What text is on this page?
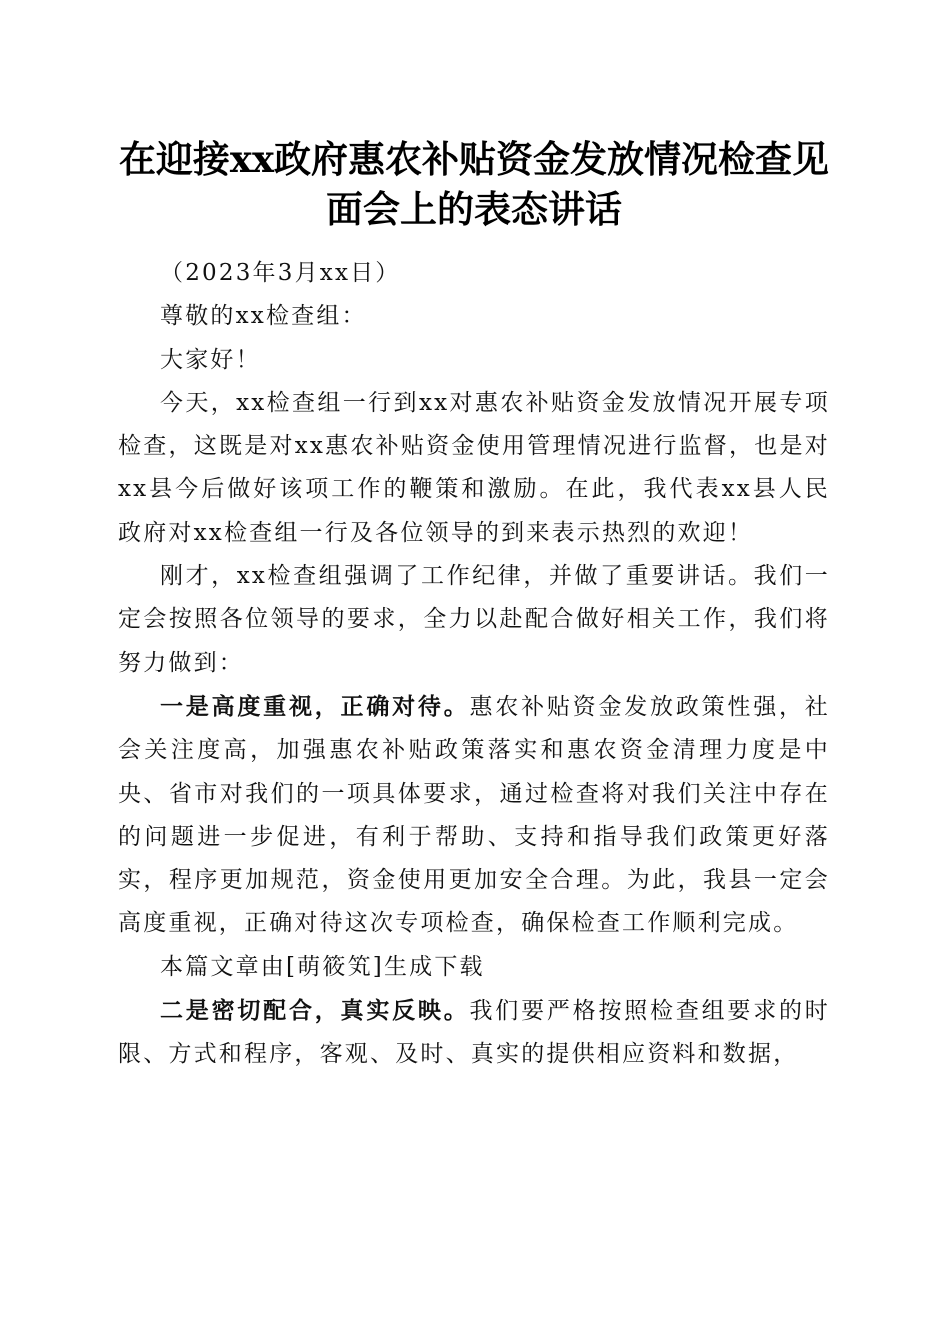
在迎接xx政府惠农补贴资金发放情况检查见
面会上的表态讲话

（2023年3月xx日）

尊敬的xx检查组：

大家好！

今天，xx检查组一行到xx对惠农补贴资金发放情况开展专项检查，这既是对xx惠农补贴资金使用管理情况进行监督，也是对xx县今后做好该项工作的鞭策和激励。在此，我代表xx县人民政府对xx检查组一行及各位领导的到来表示热烈的欢迎！

刚才，xx检查组强调了工作纪律，并做了重要讲话。我们一定会按照各位领导的要求，全力以赴配合做好相关工作，我们将努力做到：

一是高度重视，正确对待。惠农补贴资金发放政策性强，社会关注度高，加强惠农补贴政策落实和惠农资金清理力度是中央、省市对我们的一项具体要求，通过检查将对我们关注中存在的问题进一步促进，有利于帮助、支持和指导我们政策更好落实，程序更加规范，资金使用更加安全合理。为此，我县一定会高度重视，正确对待这次专项检查，确保检查工作顺利完成。

本篇文章由[萌筱笂]生成下载

二是密切配合，真实反映。我们要严格按照检查组要求的时限、方式和程序，客观、及时、真实的提供相应资料和数据，
